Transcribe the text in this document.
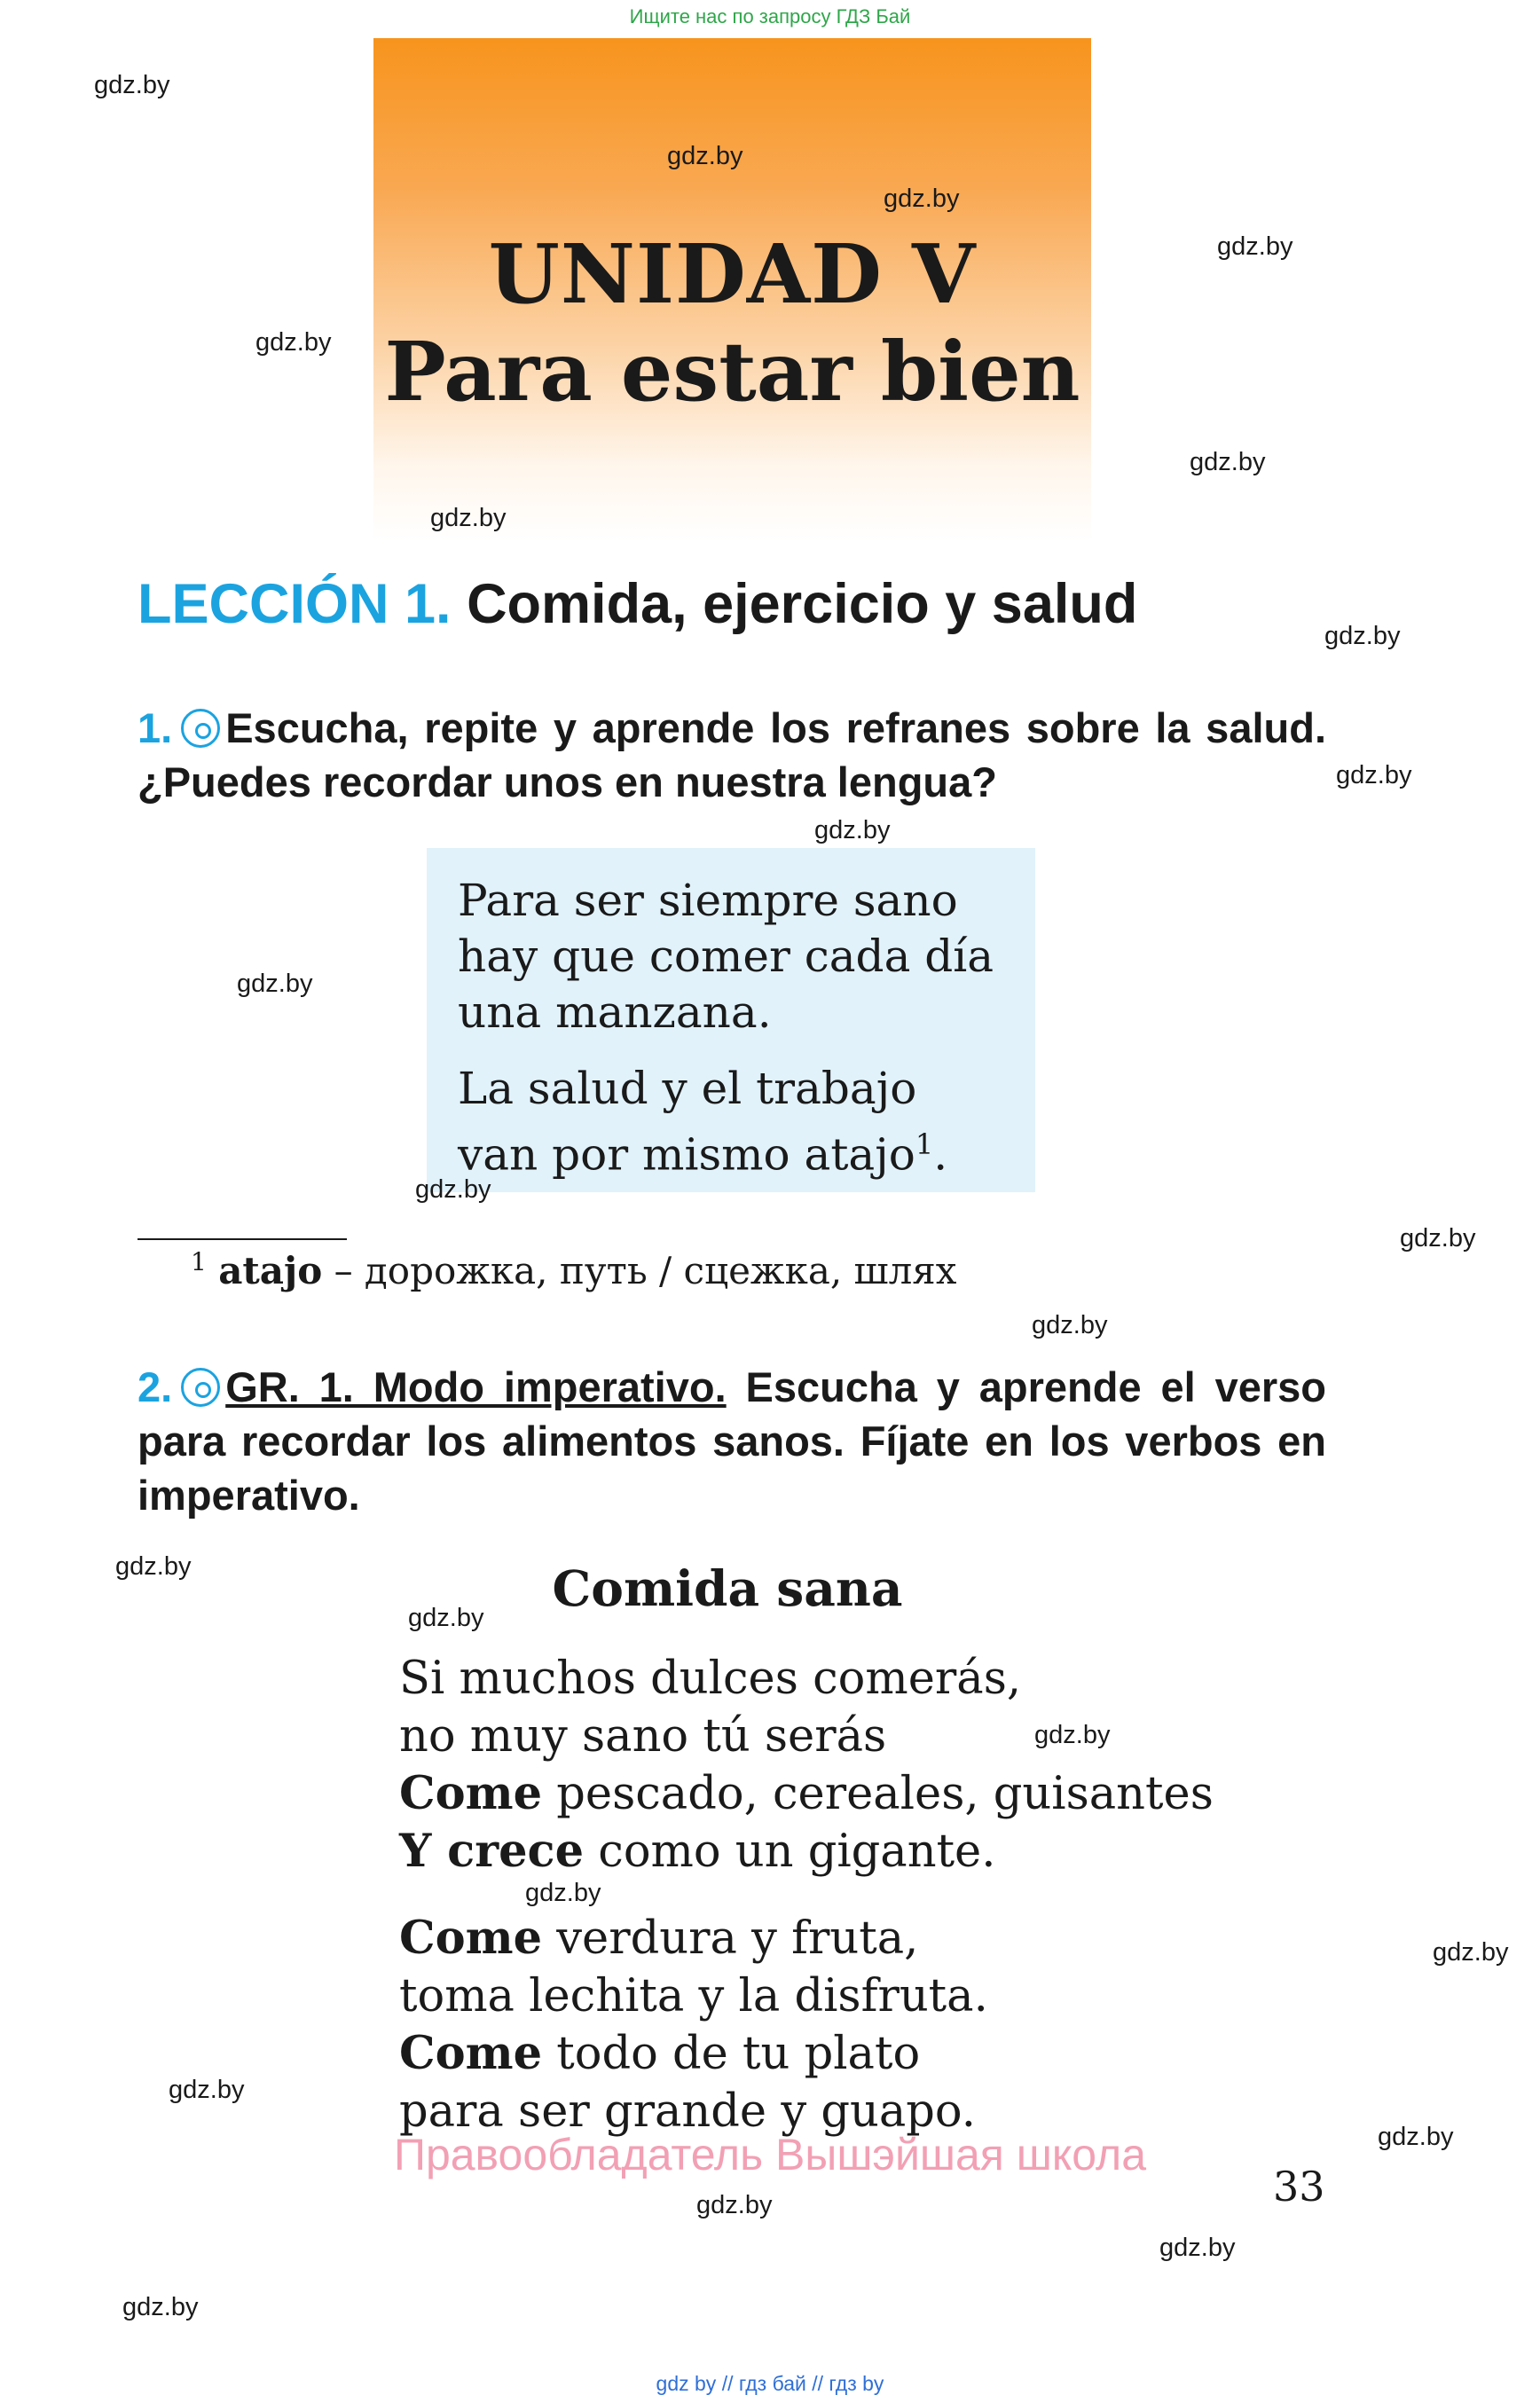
Ищите нас по запросу ГДЗ Бай
UNIDAD V
Para estar bien
LECCIÓN 1. Comida, ejercicio y salud
1. Escucha, repite y aprende los refranes sobre la salud. ¿Puedes recordar unos en nuestra lengua?
Para ser siempre sano
hay que comer cada día
una manzana.
La salud y el trabajo
van por mismo atajo$^1$.
$^1$ atajo – дорожка, путь / сцежка, шлях
2. GR. 1. Modo imperativo. Escucha y aprende el verso para recordar los alimentos sanos. Fíjate en los verbos en imperativo.
Comida sana
Si muchos dulces comerás,
no muy sano tú serás
Come pescado, cereales, guisantes
Y crece como un gigante.
Come verdura y fruta,
toma lechita y la disfruta.
Come todo de tu plato
para ser grande y guapo.
Правообладатель Вышэйшая школа
33
gdz.by
gdz.by
gdz.by
gdz.by
gdz.by
gdz.by
gdz.by
gdz.by
gdz.by
gdz.by
gdz.by
gdz.by
gdz.by
gdz.by
gdz.by
gdz.by
gdz.by
gdz.by
gdz.by
gdz.by
gdz.by
gdz.by
gdz.by
gdz.by
gdz by // гдз бай // гдз by
